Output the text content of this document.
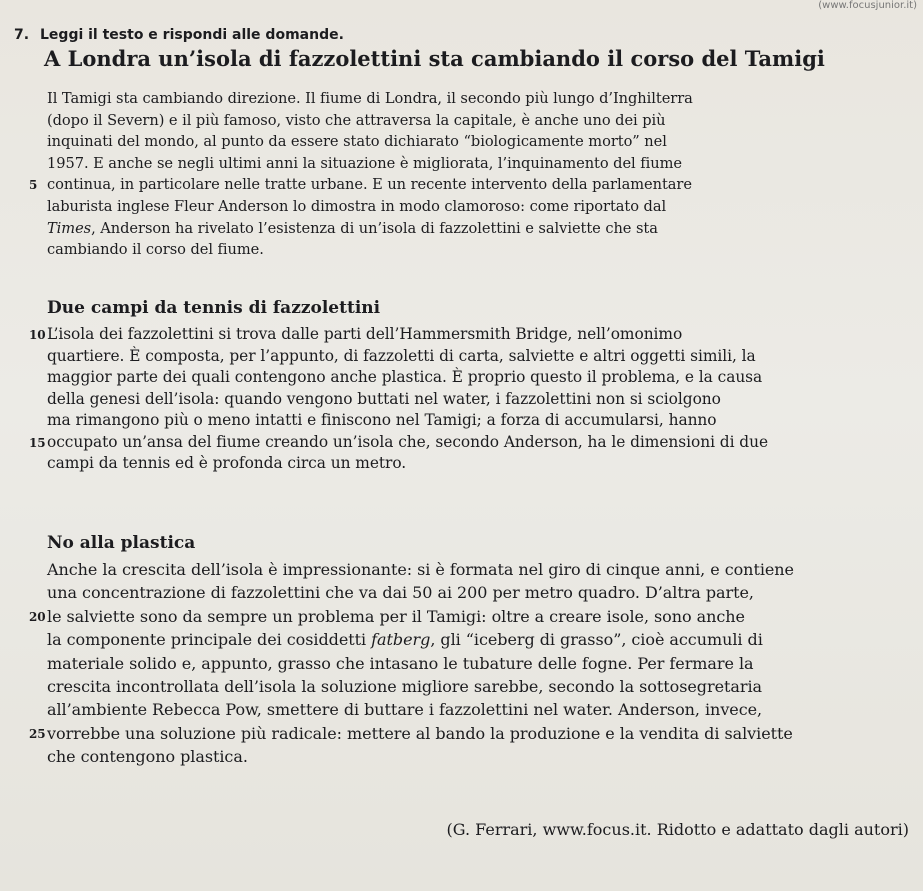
(www.focusjunior.it)
7. Leggi il testo e rispondi alle domande.
A Londra un’isola di fazzolettini sta cambiando il corso del Tamigi
Il Tamigi sta cambiando direzione. Il fiume di Londra, il secondo più lungo d’Inghilterra
(dopo il Severn) e il più famoso, visto che attraversa la capitale, è anche uno dei più
inquinati del mondo, al punto da essere stato dichiarato “biologicamente morto” nel
1957. E anche se negli ultimi anni la situazione è migliorata, l’inquinamento del fiume
5 continua, in particolare nelle tratte urbane. E un recente intervento della parlamentare
laburista inglese Fleur Anderson lo dimostra in modo clamoroso: come riportato dal
Times, Anderson ha rivelato l’esistenza di un’isola di fazzolettini e salviette che sta
cambiando il corso del fiume.
Due campi da tennis di fazzolettini
10 L’isola dei fazzolettini si trova dalle parti dell’Hammersmith Bridge, nell’omonimo
quartiere. È composta, per l’appunto, di fazzoletti di carta, salviette e altri oggetti simili, la
maggior parte dei quali contengono anche plastica. È proprio questo il problema, e la causa
della genesi dell’isola: quando vengono buttati nel water, i fazzolettini non si sciolgono
ma rimangono più o meno intatti e finiscono nel Tamigi; a forza di accumularsi, hanno
15 occupato un’ansa del fiume creando un’isola che, secondo Anderson, ha le dimensioni di due
campi da tennis ed è profonda circa un metro.
No alla plastica
Anche la crescita dell’isola è impressionante: si è formata nel giro di cinque anni, e contiene
una concentrazione di fazzolettini che va dai 50 ai 200 per metro quadro. D’altra parte,
20 le salviette sono da sempre un problema per il Tamigi: oltre a creare isole, sono anche
la componente principale dei cosiddetti fatberg, gli “iceberg di grasso”, cioè accumuli di
materiale solido e, appunto, grasso che intasano le tubature delle fogne. Per fermare la
crescita incontrollata dell’isola la soluzione migliore sarebbe, secondo la sottosegretaria
all’ambiente Rebecca Pow, smettere di buttare i fazzolettini nel water. Anderson, invece,
25 vorrebbe una soluzione più radicale: mettere al bando la produzione e la vendita di salviette
che contengono plastica.
(G. Ferrari, www.focus.it. Ridotto e adattato dagli autori)
